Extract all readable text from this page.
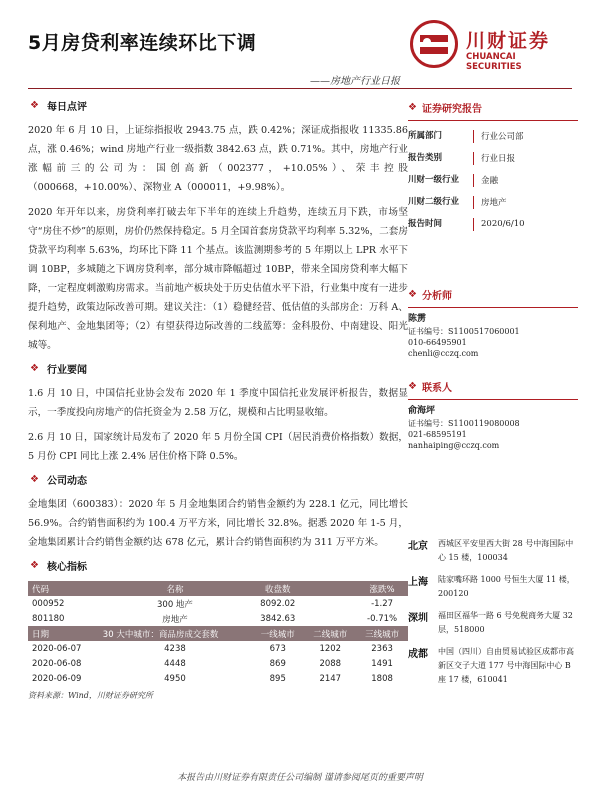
5月房贷利率连续环比下调	川财证券
CHUANCAI SECURITIES
——房地产行业日报
❖ 每日点评

2020 年 6 月 10 日，上证综指报收 2943.75 点，跌 0.42%；深证成指报收 11335.86 点，涨 0.46%；wind 房地产行业一级指数 3842.63 点，跌 0.71%。其中，房地产行业涨幅前三的公司为：国创高新（002377，+10.05%）、荣丰控股（000668，+10.00%）、深物业 A（000011，+9.98%）。

2020 年开年以来，房贷利率打破去年下半年的连续上升趋势，连续五月下跌，市场坚守“房住不炒”的原则，房价仍然保持稳定。5 月全国首套房贷款平均利率 5.32%，二套房贷款平均利率 5.63%，均环比下降 11 个基点。该监测期参考的 5 年期以上 LPR 水平下调 10BP，多城随之下调房贷利率，部分城市降幅超过 10BP，带来全国房贷利率大幅下降，一定程度刺激购房需求。当前地产板块处于历史估值水平下沿，行业集中度有一进步提升趋势，政策边际改善可期。建议关注：（1）稳健经营、低估值的头部房企：万科 A、保利地产、金地集团等；（2）有望获得边际改善的二线蓝筹：金科股份、中南建设、阳光城等。

❖ 行业要闻

1.6 月 10 日，中国信托业协会发布 2020 年 1 季度中国信托业发展评析报告，数据显示，一季度投向房地产的信托资金为 2.58 万亿，规模和占比明显收缩。

2.6 月 10 日，国家统计局发布了 2020 年 5 月份全国 CPI（居民消费价格指数）数据，5 月份 CPI 同比上涨 2.4% 居住价格下降 0.5%。

❖ 公司动态

金地集团（600383）：2020 年 5 月金地集团合约销售金额约为 228.1 亿元，同比增长 56.9%。合约销售面积约为 100.4 万平方米，同比增长 32.8%。据悉 2020 年 1-5 月，金地集团累计合约销售金额约达 678 亿元，累计合约销售面积约为 311 万平方米。

❖ 核心指标
代码	名称	收盘数		涨跌%
000952	300 地产	8092.02		-1.27
801180	房地产	3842.63		-0.71%
日期	30 大中城市：商品房成交套数	一线城市	二线城市	三线城市
2020-06-07	4238	673	1202	2363
2020-06-08	4448	869	2088	1491
2020-06-09	4950	895	2147	1808
资料来源：Wind，川财证券研究所
❖ 证券研究报告
所属部门	行业公司部
报告类别	行业日报
川财一级行业	金融
川财二级行业	房地产
报告时间	2020/6/10
❖ 分析师
陈雳
证书编号：S1100517060001
010-66495901
chenli@cczq.com
❖ 联系人
俞海坪
证书编号：S1100119080008
021-68595191
nanhaiping@cczq.com
北京	西城区平安里西大街 28 号中海国际中心 15 楼，100034
上海	陆家嘴环路 1000 号恒生大厦 11 楼，200120
深圳	福田区福华一路 6 号免税商务大厦 32 层，518000
成都	中国（四川）自由贸易试验区成都市高新区交子大道 177 号中海国际中心 B 座 17 楼，610041
本报告由川财证券有限责任公司编制 谨请参阅尾页的重要声明
